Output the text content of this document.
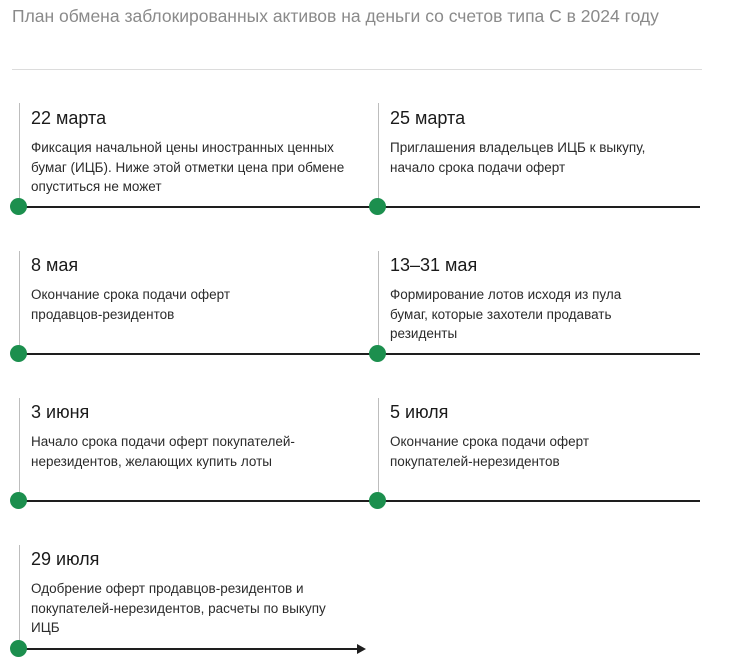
План обмена заблокированных активов на деньги со счетов типа С в 2024 году
22 марта
Фиксация начальной цены иностранных ценных бумаг (ИЦБ). Ниже этой отметки цена при обмене опуститься не может
25 марта
Приглашения владельцев ИЦБ к выкупу, начало срока подачи оферт
8 мая
Окончание срока подачи оферт продавцов-резидентов
13–31 мая
Формирование лотов исходя из пула бумаг, которые захотели продавать резиденты
3 июня
Начало срока подачи оферт покупателей-нерезидентов, желающих купить лоты
5 июля
Окончание срока подачи оферт покупателей-нерезидентов
29 июля
Одобрение оферт продавцов-резидентов и покупателей-нерезидентов, расчеты по выкупу ИЦБ
